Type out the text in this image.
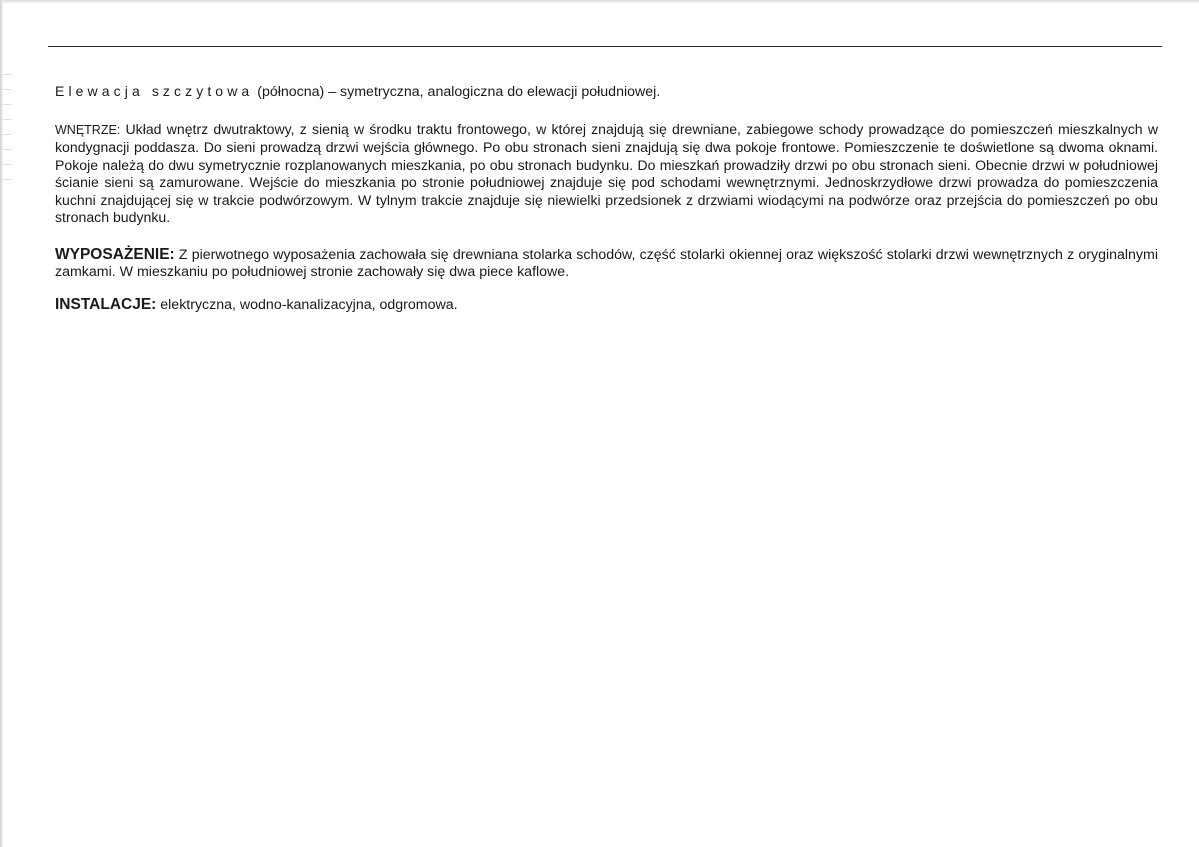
Elewacja szczytowa (północna) – symetryczna, analogiczna do elewacji południowej.

WNĘTRZE: Układ wnętrz dwutraktowy, z sienią w środku traktu frontowego, w której znajdują się drewniane, zabiegowe schody prowadzące do pomieszczeń mieszkalnych w kondygnacji poddasza. Do sieni prowadzą drzwi wejścia głównego. Po obu stronach sieni znajdują się dwa pokoje frontowe. Pomieszczenie te doświetlone są dwoma oknami. Pokoje należą do dwu symetrycznie rozplanowanych mieszkania, po obu stronach budynku. Do mieszkań prowadziły drzwi po obu stronach sieni. Obecnie drzwi w południowej ścianie sieni są zamurowane. Wejście do mieszkania po stronie południowej znajduje się pod schodami wewnętrznymi. Jednoskrzydłowe drzwi prowadza do pomieszczenia kuchni znajdującej się w trakcie podwórzowym. W tylnym trakcie znajduje się niewielki przedsionek z drzwiami wiodącymi na podwórze oraz przejścia do pomieszczeń po obu stronach budynku.

WYPOSAŻENIE: Z pierwotnego wyposażenia zachowała się drewniana stolarka schodów, część stolarki okiennej oraz większość stolarki drzwi wewnętrznych z oryginalnymi zamkami. W mieszkaniu po południowej stronie zachowały się dwa piece kaflowe.

INSTALACJE: elektryczna, wodno-kanalizacyjna, odgromowa.
